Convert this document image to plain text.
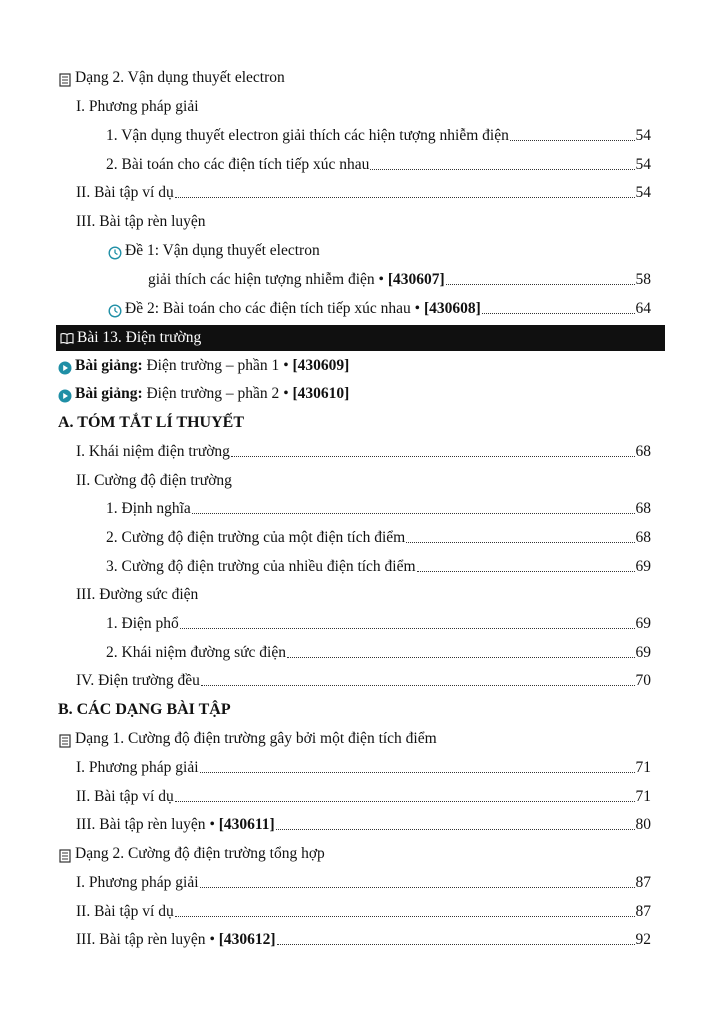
Dạng 2. Vận dụng thuyết electron
I. Phương pháp giải
1. Vận dụng thuyết electron giải thích các hiện tượng nhiễm điện	54
2. Bài toán cho các điện tích tiếp xúc nhau	54
II. Bài tập ví dụ	54
III. Bài tập rèn luyện
Đề 1: Vận dụng thuyết electron
giải thích các hiện tượng nhiễm điện • [430607]	58
Đề 2: Bài toán cho các điện tích tiếp xúc nhau • [430608]	64
Bài 13. Điện trường
Bài giảng: Điện trường – phần 1 • [430609]
Bài giảng: Điện trường – phần 2 • [430610]
A. TÓM TẮT LÍ THUYẾT
I. Khái niệm điện trường	68
II. Cường độ điện trường
1. Định nghĩa	68
2. Cường độ điện trường của một điện tích điểm	68
3. Cường độ điện trường của nhiều điện tích điểm	69
III. Đường sức điện
1. Điện phổ	69
2. Khái niệm đường sức điện	69
IV. Điện trường đều	70
B. CÁC DẠNG BÀI TẬP
Dạng 1. Cường độ điện trường gây bởi một điện tích điểm
I. Phương pháp giải	71
II. Bài tập ví dụ	71
III. Bài tập rèn luyện • [430611]	80
Dạng 2. Cường độ điện trường tổng hợp
I. Phương pháp giải	87
II. Bài tập ví dụ	87
III. Bài tập rèn luyện • [430612]	92
